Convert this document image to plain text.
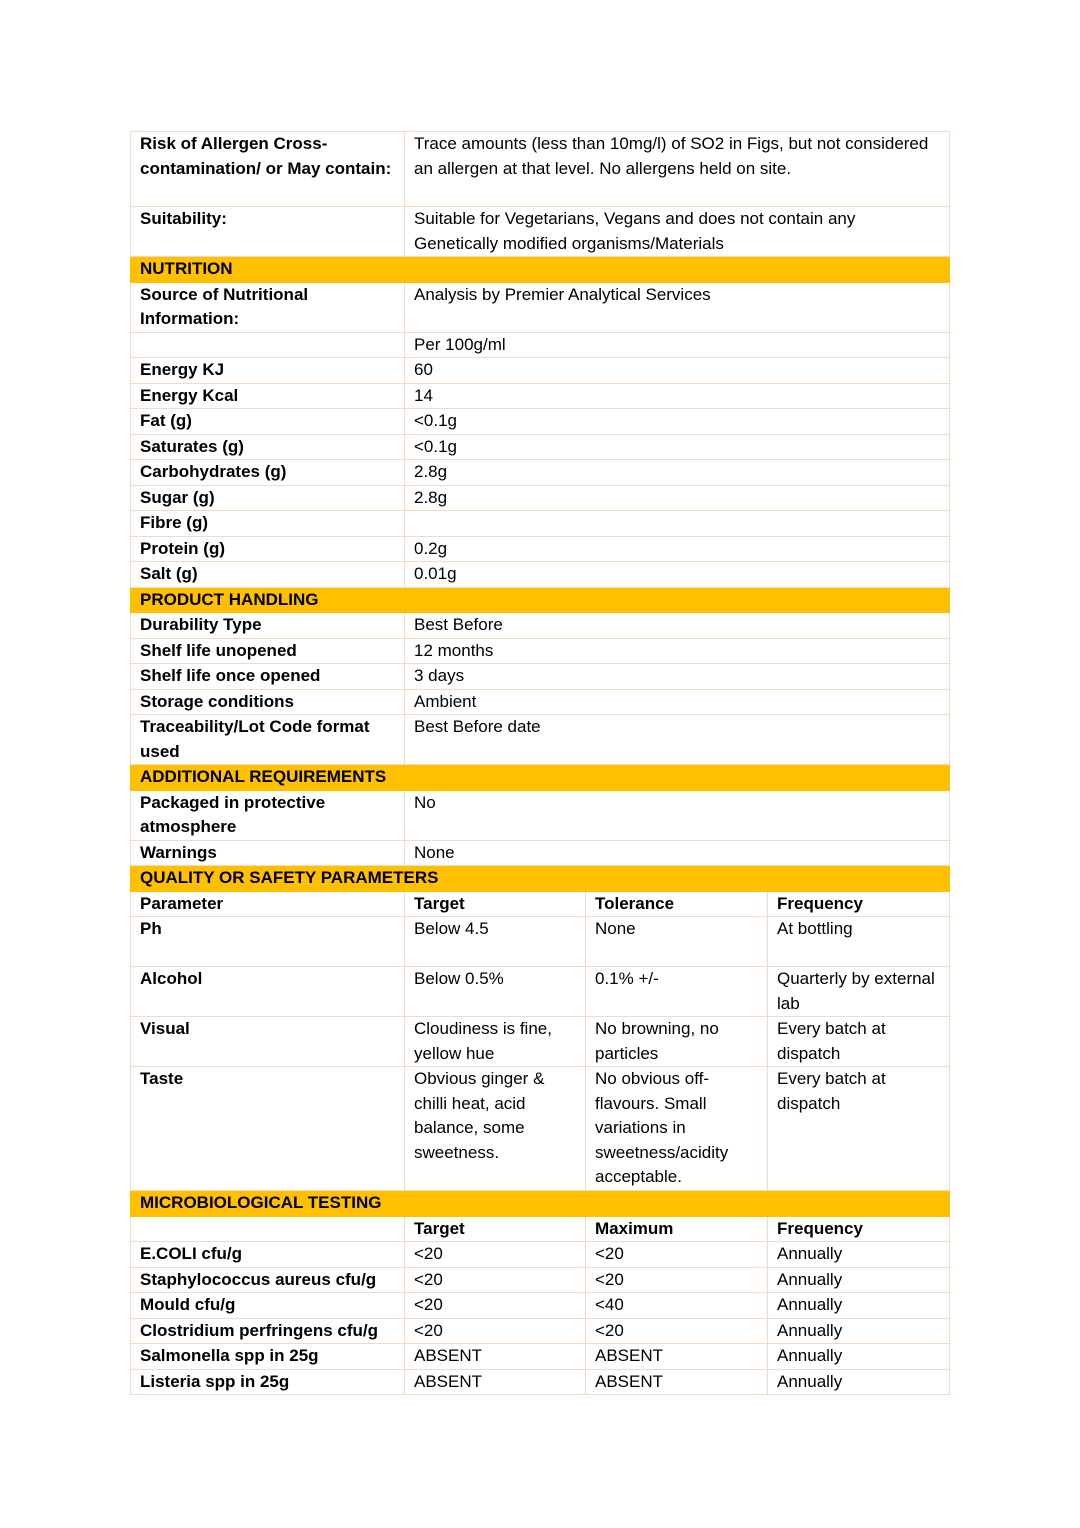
Risk of Allergen Cross-contamination/ or May contain:	Trace amounts (less than 10mg/l) of SO2 in Figs, but not considered an allergen at that level. No allergens held on site.		
Suitability:	Suitable for Vegetarians, Vegans and does not contain any Genetically modified organisms/Materials		
NUTRITION			
Source of Nutritional Information:	Analysis by Premier Analytical Services		
	Per 100g/ml		
Energy KJ	60		
Energy Kcal	14		
Fat (g)	<0.1g		
Saturates (g)	<0.1g		
Carbohydrates (g)	2.8g		
Sugar (g)	2.8g		
Fibre (g)			
Protein (g)	0.2g		
Salt (g)	0.01g		
PRODUCT HANDLING			
Durability Type	Best Before		
Shelf life unopened	12 months		
Shelf life once opened	3 days		
Storage conditions	Ambient		
Traceability/Lot Code format used	Best Before date		
ADDITIONAL REQUIREMENTS			
Packaged in protective atmosphere	No		
Warnings	None		
QUALITY OR SAFETY PARAMETERS			
Parameter	Target	Tolerance	Frequency
Ph	Below 4.5	None	At bottling
Alcohol	Below 0.5%	0.1% +/-	Quarterly by external lab
Visual	Cloudiness is fine, yellow hue	No browning, no particles	Every batch at dispatch
Taste	Obvious ginger & chilli heat, acid balance, some sweetness.	No obvious off-flavours. Small variations in sweetness/acidity acceptable.	Every batch at dispatch
MICROBIOLOGICAL TESTING			
	Target	Maximum	Frequency
E.COLI cfu/g	<20	<20	Annually
Staphylococcus aureus cfu/g	<20	<20	Annually
Mould cfu/g	<20	<40	Annually
Clostridium perfringens cfu/g	<20	<20	Annually
Salmonella spp in 25g	ABSENT	ABSENT	Annually
Listeria spp in 25g	ABSENT	ABSENT	Annually
